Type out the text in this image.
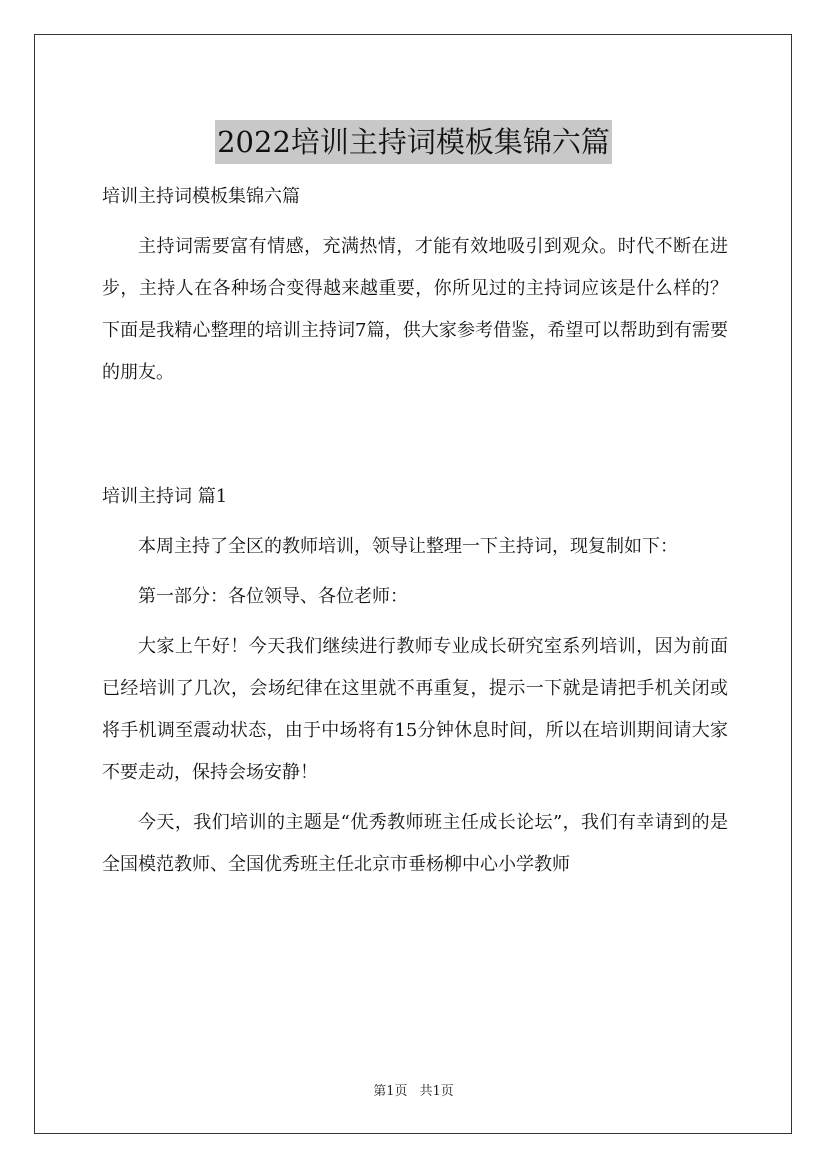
2022培训主持词模板集锦六篇

培训主持词模板集锦六篇

主持词需要富有情感，充满热情，才能有效地吸引到观众。时代不断在进步，主持人在各种场合变得越来越重要，你所见过的主持词应该是什么样的？下面是我精心整理的培训主持词7篇，供大家参考借鉴，希望可以帮助到有需要的朋友。

培训主持词 篇1

本周主持了全区的教师培训，领导让整理一下主持词，现复制如下：

第一部分：各位领导、各位老师：

大家上午好！今天我们继续进行教师专业成长研究室系列培训，因为前面已经培训了几次，会场纪律在这里就不再重复，提示一下就是请把手机关闭或将手机调至震动状态，由于中场将有15分钟休息时间，所以在培训期间请大家不要走动，保持会场安静！

今天，我们培训的主题是“优秀教师班主任成长论坛”，我们有幸请到的是全国模范教师、全国优秀班主任北京市垂杨柳中心小学教师

第1页 共1页
